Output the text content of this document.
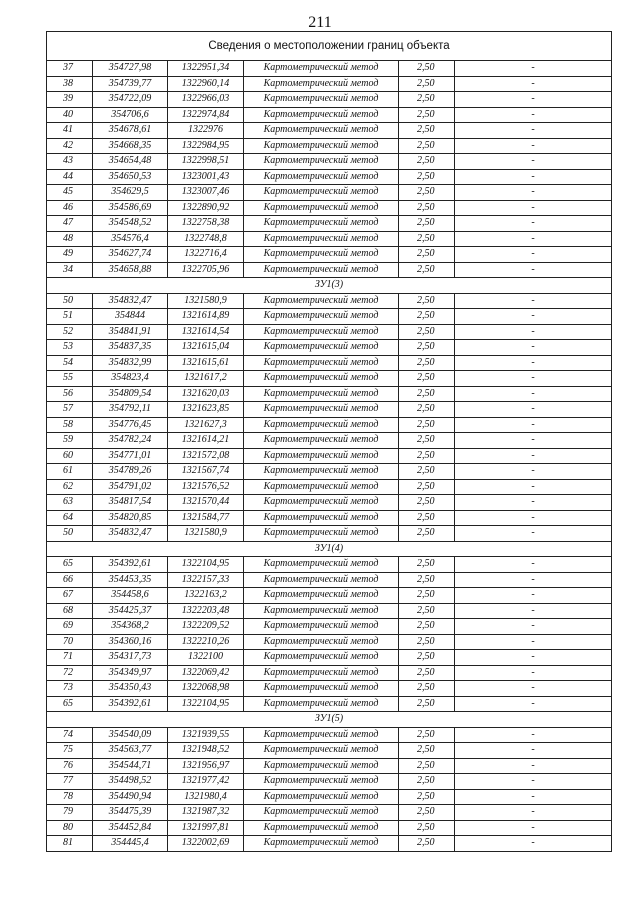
211
Сведения о местоположении границ объекта					
37	354727,98	1322951,34	Картометрический метод	2,50	-
38	354739,77	1322960,14	Картометрический метод	2,50	-
39	354722,09	1322966,03	Картометрический метод	2,50	-
40	354706,6	1322974,84	Картометрический метод	2,50	-
41	354678,61	1322976	Картометрический метод	2,50	-
42	354668,35	1322984,95	Картометрический метод	2,50	-
43	354654,48	1322998,51	Картометрический метод	2,50	-
44	354650,53	1323001,43	Картометрический метод	2,50	-
45	354629,5	1323007,46	Картометрический метод	2,50	-
46	354586,69	1322890,92	Картометрический метод	2,50	-
47	354548,52	1322758,38	Картометрический метод	2,50	-
48	354576,4	1322748,8	Картометрический метод	2,50	-
49	354627,74	1322716,4	Картометрический метод	2,50	-
34	354658,88	1322705,96	Картометрический метод	2,50	-
ЗУ1(3)					
50	354832,47	1321580,9	Картометрический метод	2,50	-
51	354844	1321614,89	Картометрический метод	2,50	-
52	354841,91	1321614,54	Картометрический метод	2,50	-
53	354837,35	1321615,04	Картометрический метод	2,50	-
54	354832,99	1321615,61	Картометрический метод	2,50	-
55	354823,4	1321617,2	Картометрический метод	2,50	-
56	354809,54	1321620,03	Картометрический метод	2,50	-
57	354792,11	1321623,85	Картометрический метод	2,50	-
58	354776,45	1321627,3	Картометрический метод	2,50	-
59	354782,24	1321614,21	Картометрический метод	2,50	-
60	354771,01	1321572,08	Картометрический метод	2,50	-
61	354789,26	1321567,74	Картометрический метод	2,50	-
62	354791,02	1321576,52	Картометрический метод	2,50	-
63	354817,54	1321570,44	Картометрический метод	2,50	-
64	354820,85	1321584,77	Картометрический метод	2,50	-
50	354832,47	1321580,9	Картометрический метод	2,50	-
ЗУ1(4)					
65	354392,61	1322104,95	Картометрический метод	2,50	-
66	354453,35	1322157,33	Картометрический метод	2,50	-
67	354458,6	1322163,2	Картометрический метод	2,50	-
68	354425,37	1322203,48	Картометрический метод	2,50	-
69	354368,2	1322209,52	Картометрический метод	2,50	-
70	354360,16	1322210,26	Картометрический метод	2,50	-
71	354317,73	1322100	Картометрический метод	2,50	-
72	354349,97	1322069,42	Картометрический метод	2,50	-
73	354350,43	1322068,98	Картометрический метод	2,50	-
65	354392,61	1322104,95	Картометрический метод	2,50	-
ЗУ1(5)					
74	354540,09	1321939,55	Картометрический метод	2,50	-
75	354563,77	1321948,52	Картометрический метод	2,50	-
76	354544,71	1321956,97	Картометрический метод	2,50	-
77	354498,52	1321977,42	Картометрический метод	2,50	-
78	354490,94	1321980,4	Картометрический метод	2,50	-
79	354475,39	1321987,32	Картометрический метод	2,50	-
80	354452,84	1321997,81	Картометрический метод	2,50	-
81	354445,4	1322002,69	Картометрический метод	2,50	-
